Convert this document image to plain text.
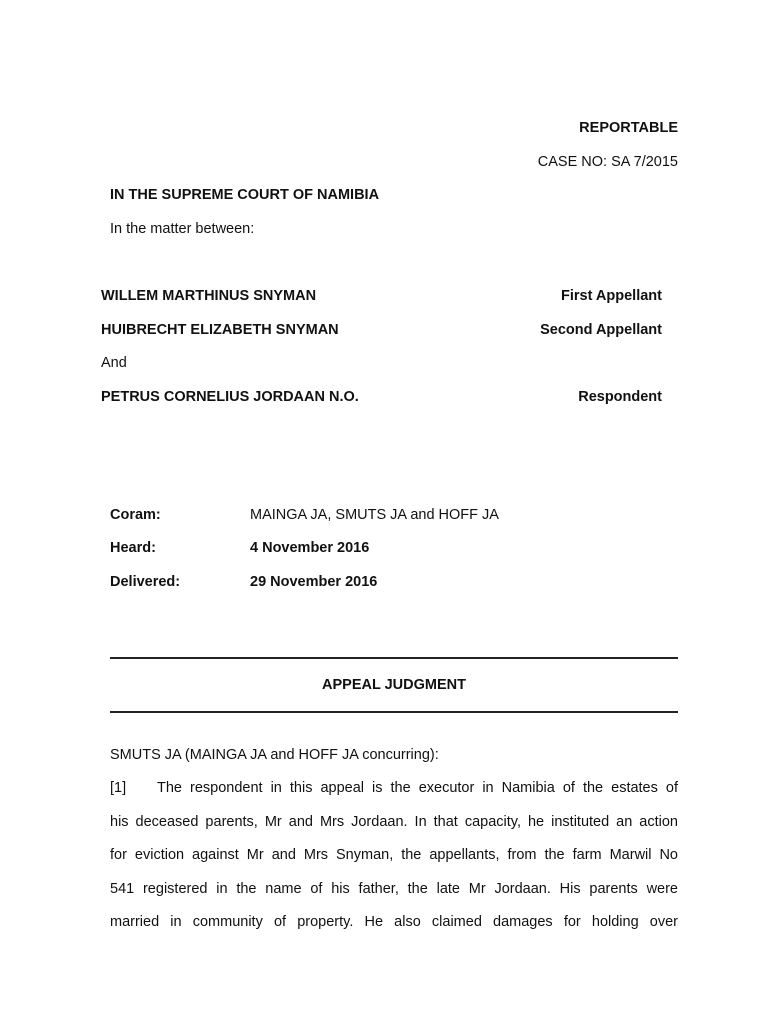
REPORTABLE
CASE NO: SA 7/2015
IN THE SUPREME COURT OF NAMIBIA
In the matter between:
WILLEM MARTHINUS SNYMAN	First Appellant
HUIBRECHT ELIZABETH SNYMAN	Second Appellant
And
PETRUS CORNELIUS JORDAAN N.O.	Respondent
Coram:	MAINGA JA, SMUTS JA and HOFF JA
Heard:	4 November 2016
Delivered:	29 November 2016
APPEAL JUDGMENT
SMUTS JA (MAINGA JA and HOFF JA concurring):
[1] The respondent in this appeal is the executor in Namibia of the estates of
his deceased parents, Mr and Mrs Jordaan. In that capacity, he instituted an action
for eviction against Mr and Mrs Snyman, the appellants, from the farm Marwil No
541 registered in the name of his father, the late Mr Jordaan. His parents were
married in community of property. He also claimed damages for holding over
